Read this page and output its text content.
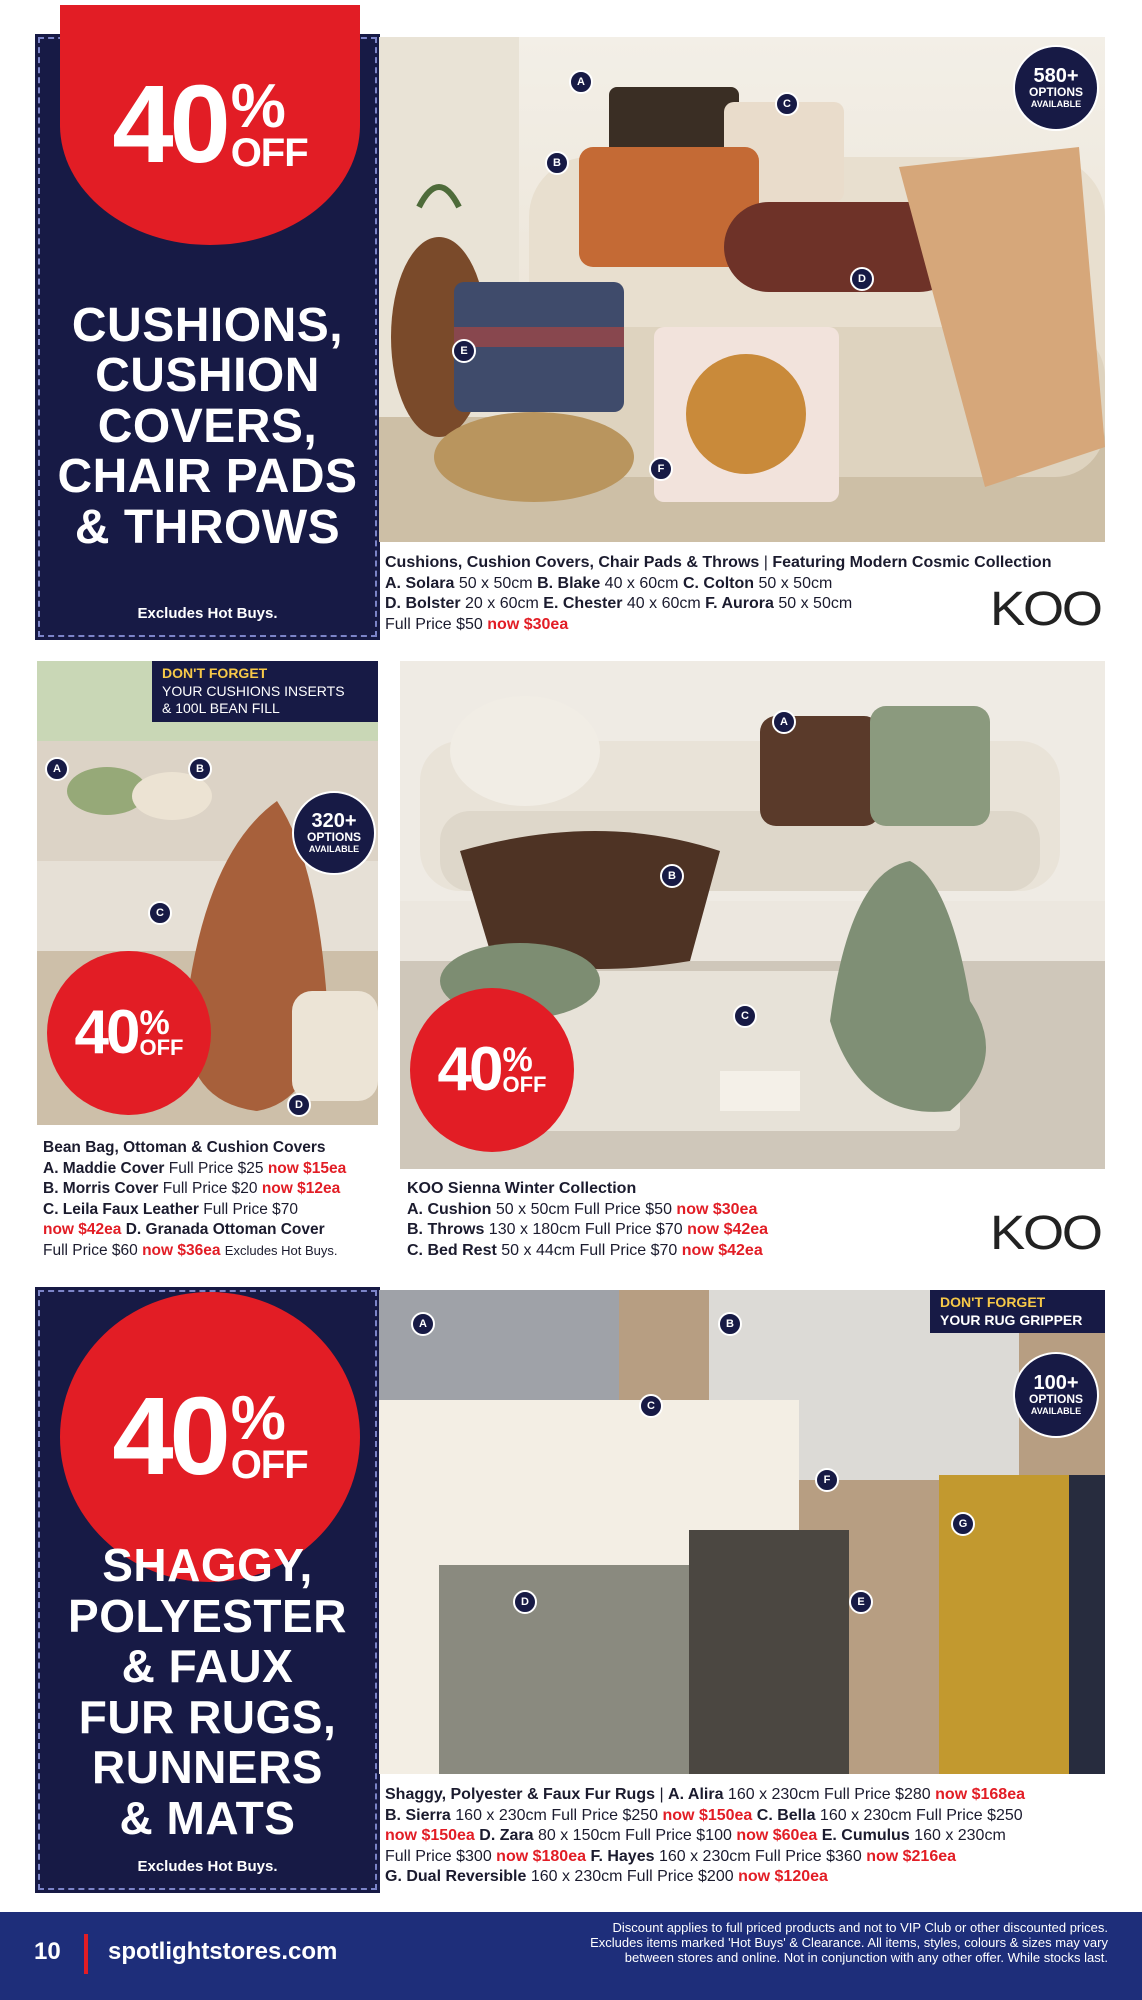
40 %
OFF
CUSHIONS,
CUSHION
COVERS,
CHAIR PADS
& THROWS
Excludes Hot Buys.
A
B
C
D
E
F
580+
OPTIONS
AVAILABLE
Cushions, Cushion Covers, Chair Pads & Throws | Featuring Modern Cosmic Collection
A. Solara 50 x 50cm B. Blake 40 x 60cm C. Colton 50 x 50cm
D. Bolster 20 x 60cm E. Chester 40 x 60cm F. Aurora 50 x 50cm
Full Price $50 now $30ea	KOO
A	B
C
D
320+
OPTIONS
AVAILABLE
40 %
OFF
DON'T FORGET
YOUR CUSHIONS INSERTS
& 100L BEAN FILL
Bean Bag, Ottoman & Cushion Covers
A. Maddie Cover Full Price $25 now $15ea
B. Morris Cover Full Price $20 now $12ea
C. Leila Faux Leather Full Price $70
now $42ea D. Granada Ottoman Cover
Full Price $60 now $36ea Excludes Hot Buys.
A
B
C
40 %
OFF
KOO Sienna Winter Collection
A. Cushion 50 x 50cm Full Price $50 now $30ea
B. Throws 130 x 180cm Full Price $70 now $42ea
C. Bed Rest 50 x 44cm Full Price $70 now $42ea	KOO
40 %
OFF
SHAGGY,
POLYESTER
& FAUX
FUR RUGS,
RUNNERS
& MATS
Excludes Hot Buys.
A	B
C
D	E
F
G
100+
OPTIONS
AVAILABLE
DON'T FORGET
YOUR RUG GRIPPER
Shaggy, Polyester & Faux Fur Rugs | A. Alira 160 x 230cm Full Price $280 now $168ea
B. Sierra 160 x 230cm Full Price $250 now $150ea C. Bella 160 x 230cm Full Price $250
now $150ea D. Zara 80 x 150cm Full Price $100 now $60ea E. Cumulus 160 x 230cm
Full Price $300 now $180ea F. Hayes 160 x 230cm Full Price $360 now $216ea
G. Dual Reversible 160 x 230cm Full Price $200 now $120ea
10 spotlightstores.com
Discount applies to full priced products and not to VIP Club or other discounted prices.
Excludes items marked 'Hot Buys' & Clearance. All items, styles, colours & sizes may vary
between stores and online. Not in conjunction with any other offer. While stocks last.
